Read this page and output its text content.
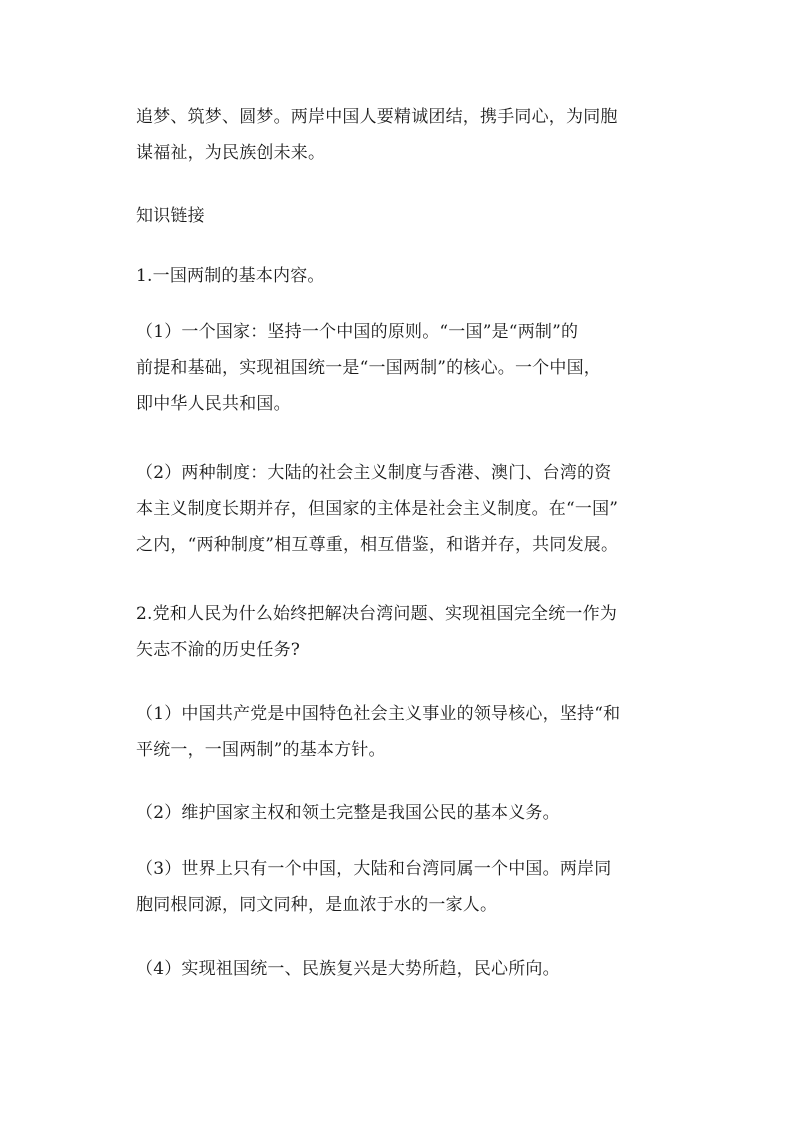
追梦、筑梦、圆梦。两岸中国人要精诚团结，携手同心，为同胞
谋福祉，为民族创未来。
知识链接
1.一国两制的基本内容。
（1）一个国家：坚持一个中国的原则。“一国”是“两制”的
前提和基础，实现祖国统一是“一国两制”的核心。一个中国，
即中华人民共和国。
（2）两种制度：大陆的社会主义制度与香港、澳门、台湾的资
本主义制度长期并存，但国家的主体是社会主义制度。在“一国”
之内，“两种制度”相互尊重，相互借鉴，和谐并存，共同发展。
2.党和人民为什么始终把解决台湾问题、实现祖国完全统一作为
矢志不渝的历史任务?
（1）中国共产党是中国特色社会主义事业的领导核心，坚持“和
平统一，一国两制”的基本方针。
（2）维护国家主权和领土完整是我国公民的基本义务。
（3）世界上只有一个中国，大陆和台湾同属一个中国。两岸同
胞同根同源，同文同种，是血浓于水的一家人。
（4）实现祖国统一、民族复兴是大势所趋，民心所向。
